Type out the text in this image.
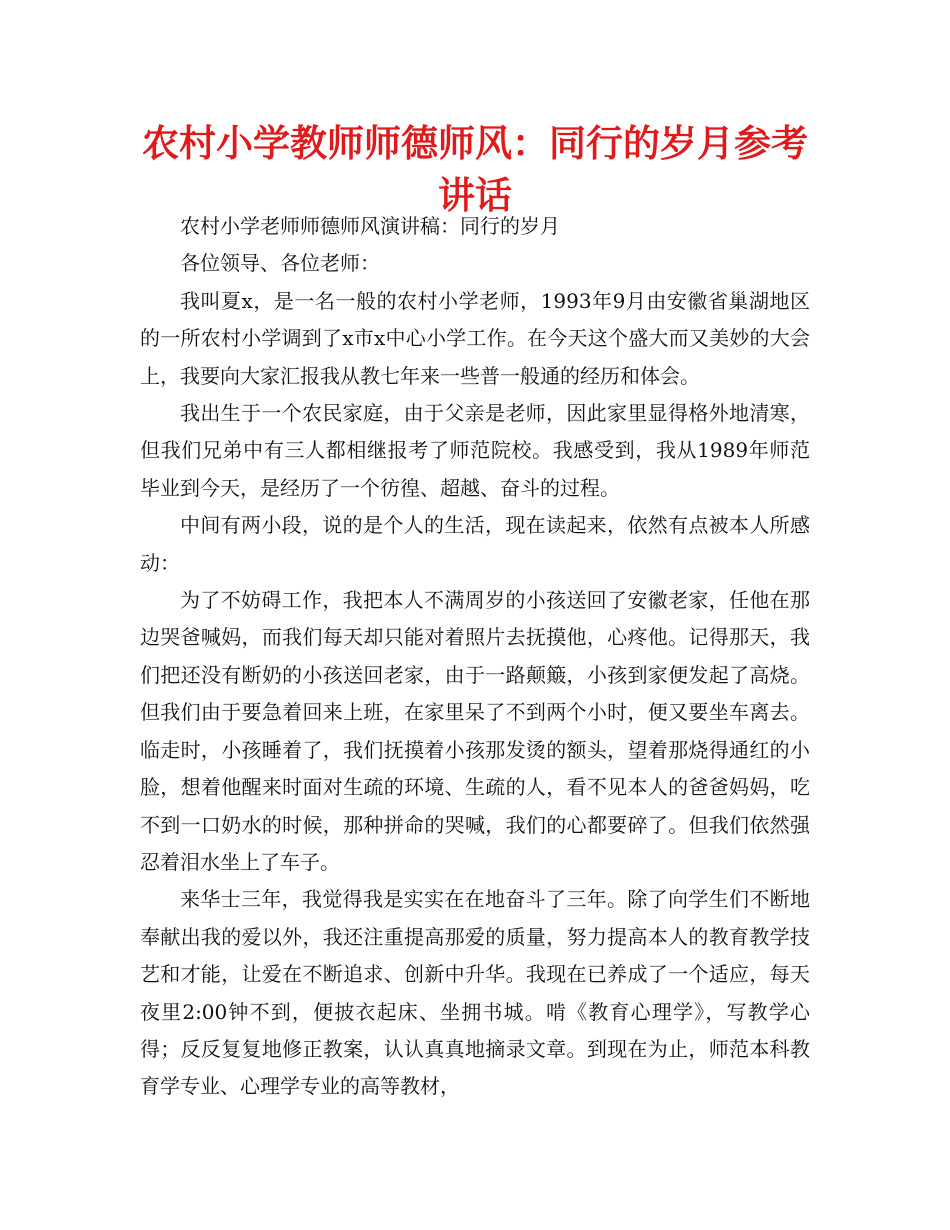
农村小学教师师德师风：同行的岁月参考讲话

农村小学老师师德师风演讲稿：同行的岁月

各位领导、各位老师：

我叫夏x，是一名一般的农村小学老师，1993年9月由安徽省巢湖地区的一所农村小学调到了x市x中心小学工作。在今天这个盛大而又美妙的大会上，我要向大家汇报我从教七年来一些普一般通的经历和体会。

我出生于一个农民家庭，由于父亲是老师，因此家里显得格外地清寒，但我们兄弟中有三人都相继报考了师范院校。我感受到，我从1989年师范毕业到今天，是经历了一个彷徨、超越、奋斗的过程。

中间有两小段，说的是个人的生活，现在读起来，依然有点被本人所感动：

为了不妨碍工作，我把本人不满周岁的小孩送回了安徽老家，任他在那边哭爸喊妈，而我们每天却只能对着照片去抚摸他，心疼他。记得那天，我们把还没有断奶的小孩送回老家，由于一路颠簸，小孩到家便发起了高烧。但我们由于要急着回来上班，在家里呆了不到两个小时，便又要坐车离去。临走时，小孩睡着了，我们抚摸着小孩那发烫的额头，望着那烧得通红的小脸，想着他醒来时面对生疏的环境、生疏的人，看不见本人的爸爸妈妈，吃不到一口奶水的时候，那种拼命的哭喊，我们的心都要碎了。但我们依然强忍着泪水坐上了车子。

来华士三年，我觉得我是实实在在地奋斗了三年。除了向学生们不断地奉献出我的爱以外，我还注重提高那爱的质量，努力提高本人的教育教学技艺和才能，让爱在不断追求、创新中升华。我现在已养成了一个适应，每天夜里2:00钟不到，便披衣起床、坐拥书城。啃《教育心理学》，写教学心得；反反复复地修正教案，认认真真地摘录文章。到现在为止，师范本科教育学专业、心理学专业的高等教材，
